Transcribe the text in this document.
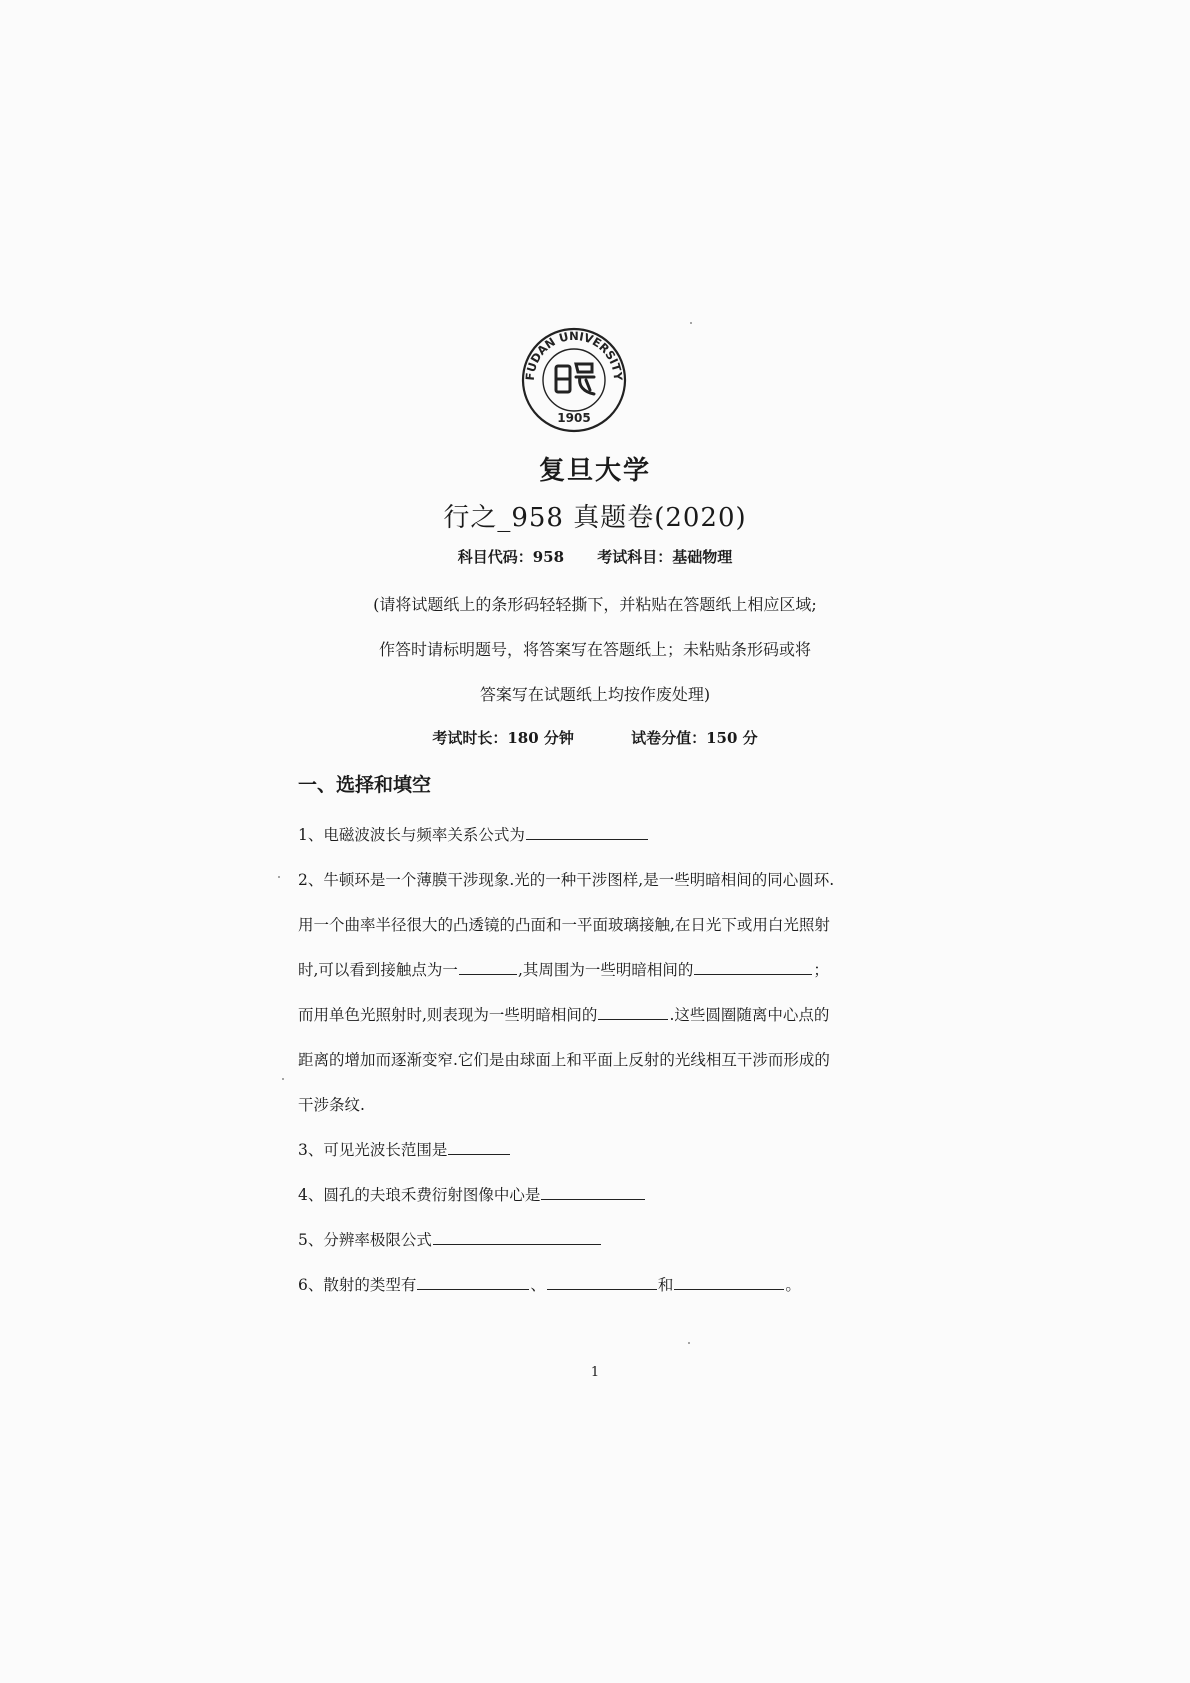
FUDAN UNIVERSITY
1905
复旦大学
行之_958 真题卷(2020)
科目代码：958 考试科目：基础物理
(请将试题纸上的条形码轻轻撕下，并粘贴在答题纸上相应区域;
作答时请标明题号，将答案写在答题纸上；未粘贴条形码或将
答案写在试题纸上均按作废处理)
考试时长：180 分钟	试卷分值：150 分
一、选择和填空
1、电磁波波长与频率关系公式为
2、牛顿环是一个薄膜干涉现象.光的一种干涉图样,是一些明暗相间的同心圆环.
用一个曲率半径很大的凸透镜的凸面和一平面玻璃接触,在日光下或用白光照射
时,可以看到接触点为一	,其周围为一些明暗相间的	；
而用单色光照射时,则表现为一些明暗相间的	.这些圆圈随离中心点的
距离的增加而逐渐变窄.它们是由球面上和平面上反射的光线相互干涉而形成的
干涉条纹.
3、可见光波长范围是
4、圆孔的夫琅禾费衍射图像中心是
5、分辨率极限公式
6、散射的类型有	、	和	。
1
